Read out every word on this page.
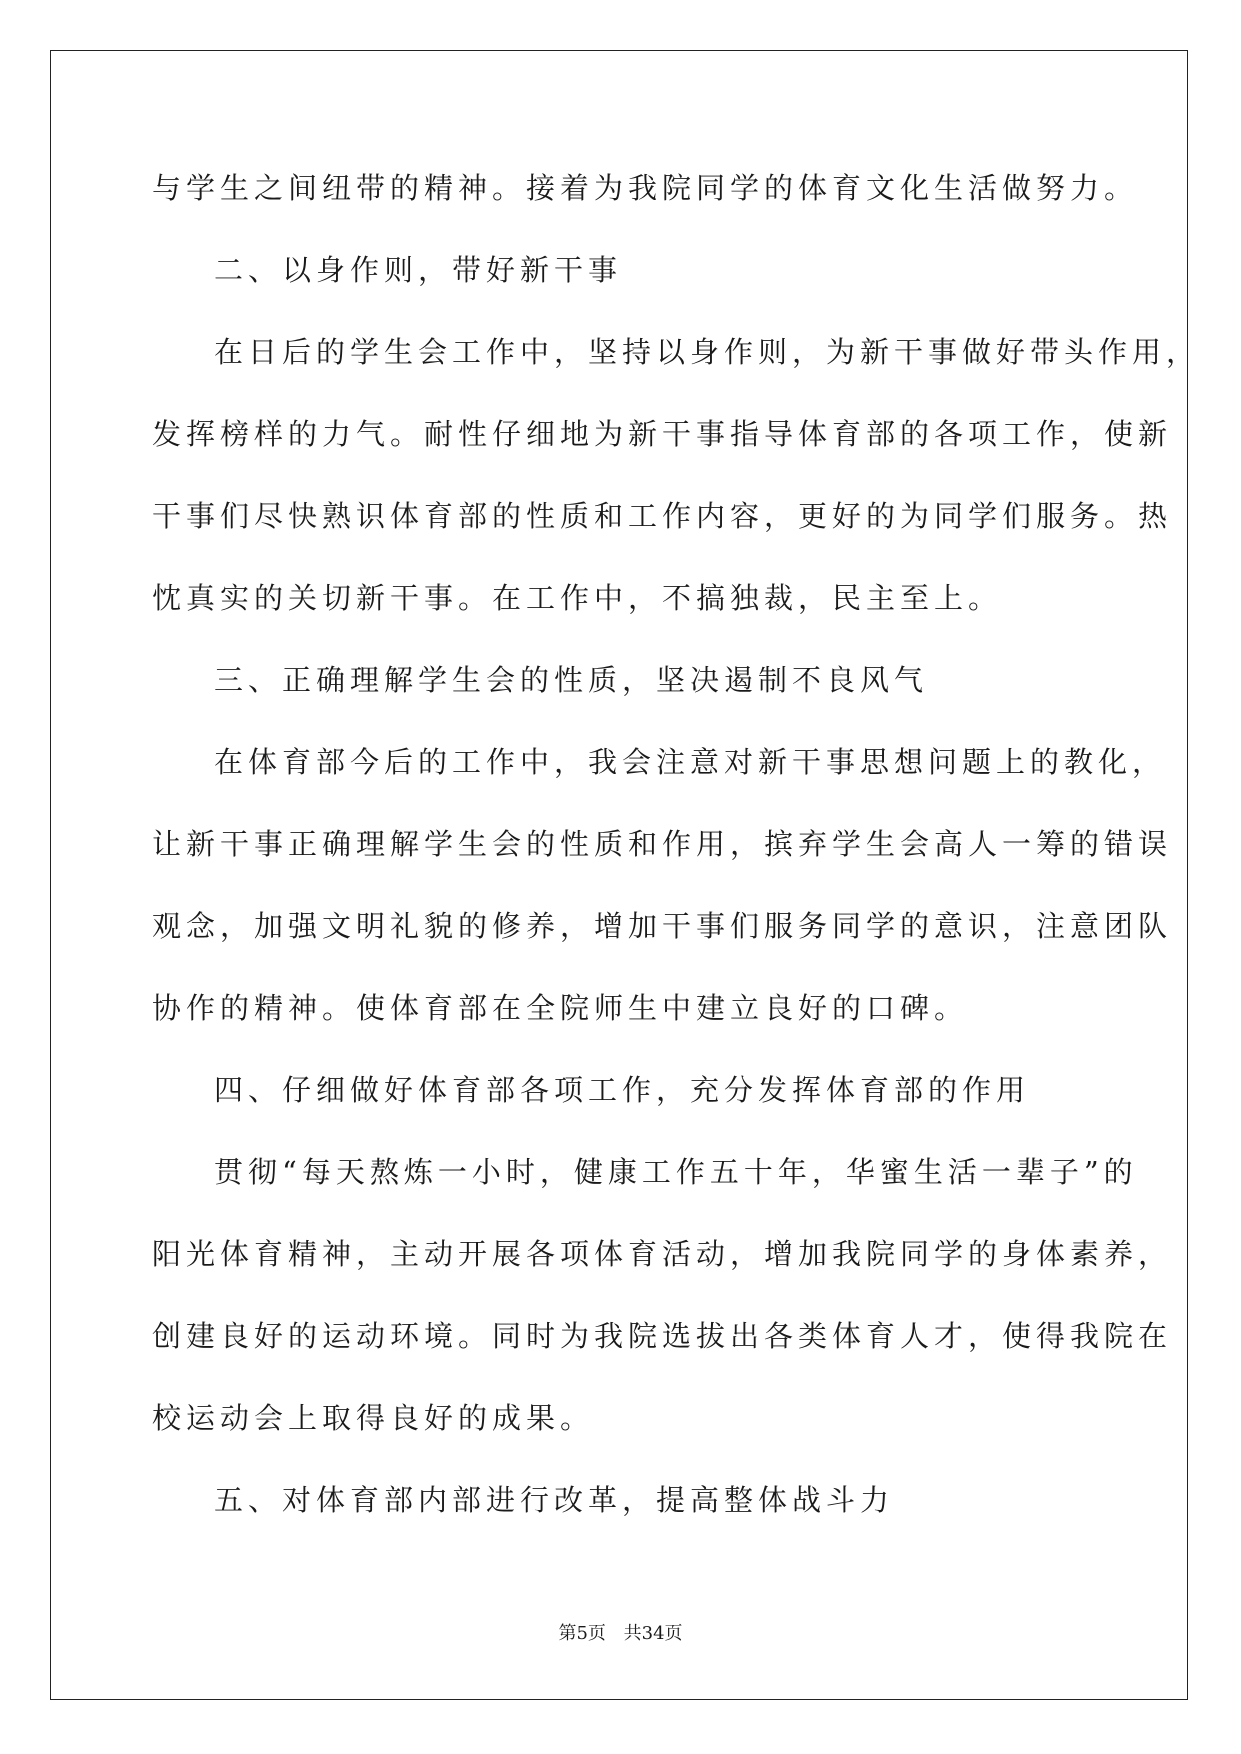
与学生之间纽带的精神。接着为我院同学的体育文化生活做努力。
二、以身作则，带好新干事
在日后的学生会工作中，坚持以身作则，为新干事做好带头作用，
发挥榜样的力气。耐性仔细地为新干事指导体育部的各项工作，使新
干事们尽快熟识体育部的性质和工作内容，更好的为同学们服务。热
忱真实的关切新干事。在工作中，不搞独裁，民主至上。
三、正确理解学生会的性质，坚决遏制不良风气
在体育部今后的工作中，我会注意对新干事思想问题上的教化，
让新干事正确理解学生会的性质和作用，摈弃学生会高人一筹的错误
观念，加强文明礼貌的修养，增加干事们服务同学的意识，注意团队
协作的精神。使体育部在全院师生中建立良好的口碑。
四、仔细做好体育部各项工作，充分发挥体育部的作用
贯彻“每天熬炼一小时，健康工作五十年，华蜜生活一辈子”的
阳光体育精神，主动开展各项体育活动，增加我院同学的身体素养，
创建良好的运动环境。同时为我院选拔出各类体育人才，使得我院在
校运动会上取得良好的成果。
五、对体育部内部进行改革，提高整体战斗力
第5页 共34页
